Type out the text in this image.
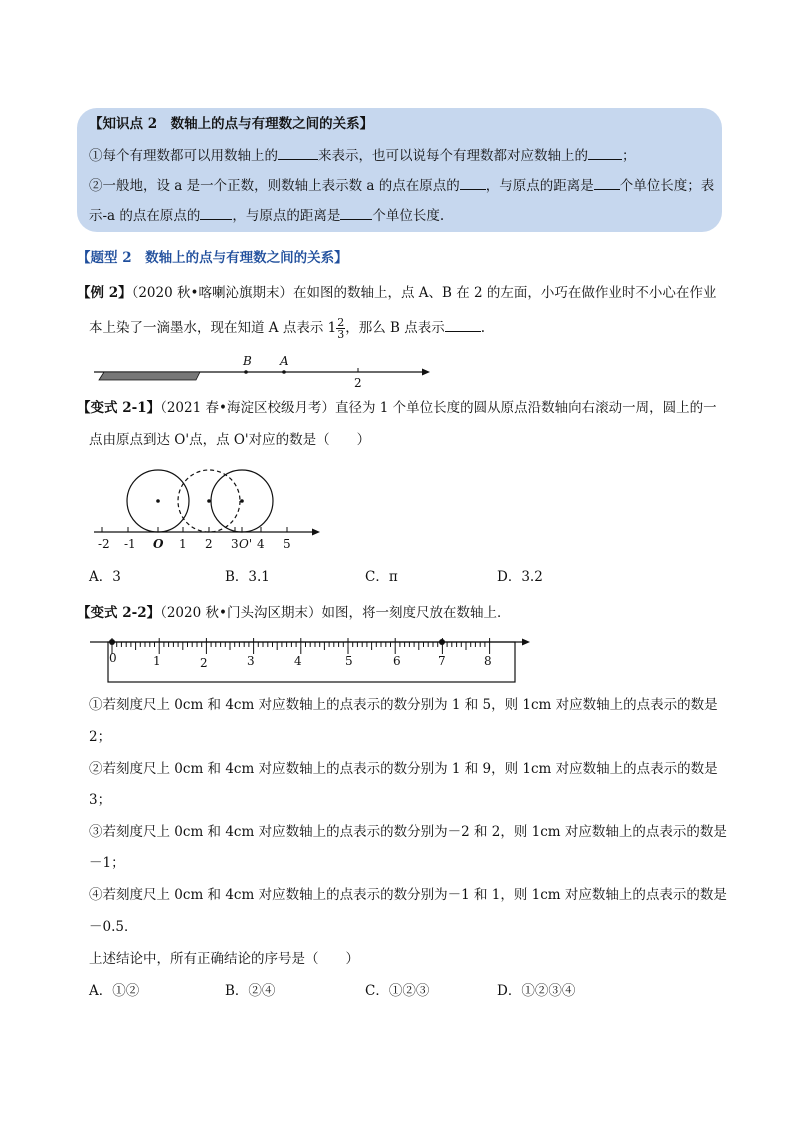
【知识点 2　数轴上的点与有理数之间的关系】
①每个有理数都可以用数轴上的	来表示，也可以说每个有理数都对应数轴上的	；
②一般地，设 a 是一个正数，则数轴上表示数 a 的点在原点的 ，与原点的距离是 个单位长度；表
示-a 的点在原点的 ，与原点的距离是 个单位长度.
【题型 2　数轴上的点与有理数之间的关系】
【例 2】（2020 秋•喀喇沁旗期末）在如图的数轴上，点 A、B 在 2 的左面，小巧在做作业时不小心在作业
本上染了一滴墨水，现在知道 A 点表示 $1 \frac{2}{3}$ ，那么 B 点表示	.
B A
2
【变式 2-1】（2021 春•海淀区校级月考）直径为 1 个单位长度的圆从原点沿数轴向右滚动一周，圆上的一
点由原点到达 O'点，点 O'对应的数是（　　）
-2 -1 O 1 2 3 O' 4 5
A．3	B．3.1	C．π	D．3.2
【变式 2-2】（2020 秋•门头沟区期末）如图，将一刻度尺放在数轴上．
0	1	2	3	4	5	6	7	8
①若刻度尺上 0cm 和 4cm 对应数轴上的点表示的数分别为 1 和 5，则 1cm 对应数轴上的点表示的数是
2；
②若刻度尺上 0cm 和 4cm 对应数轴上的点表示的数分别为 1 和 9，则 1cm 对应数轴上的点表示的数是
3；
③若刻度尺上 0cm 和 4cm 对应数轴上的点表示的数分别为－2 和 2，则 1cm 对应数轴上的点表示的数是
－1；
④若刻度尺上 0cm 和 4cm 对应数轴上的点表示的数分别为－1 和 1，则 1cm 对应数轴上的点表示的数是
－0.5．
上述结论中，所有正确结论的序号是（　　）
A．①②	B．②④	C．①②③	D．①②③④
